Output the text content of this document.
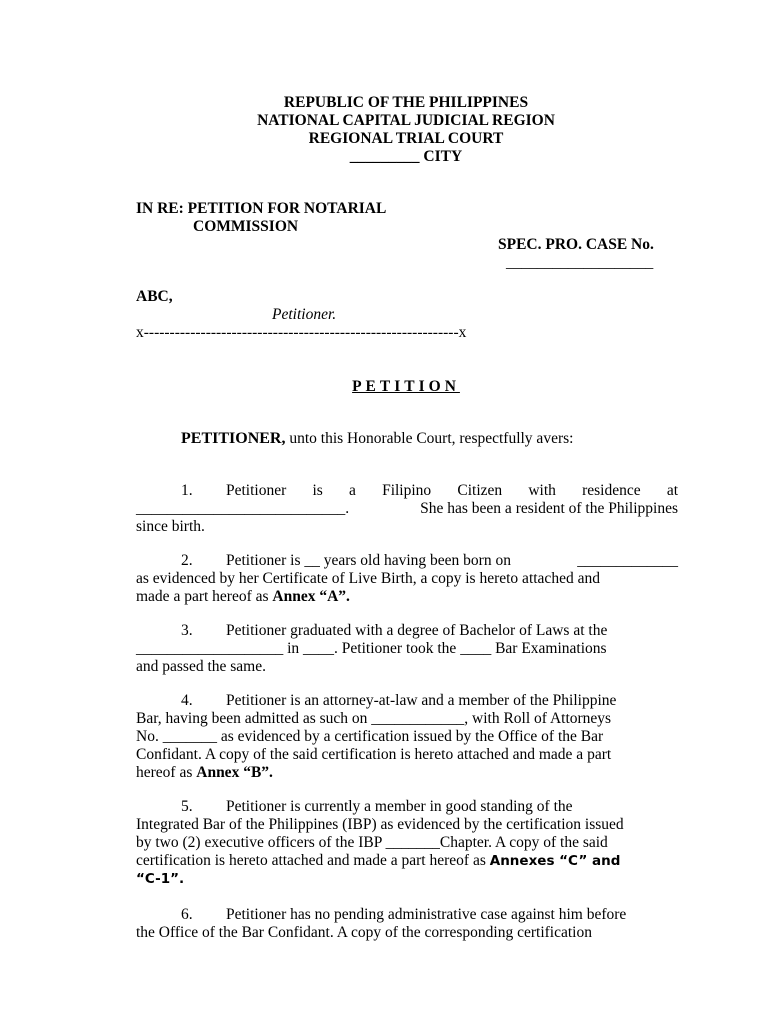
REPUBLIC OF THE PHILIPPINES
NATIONAL CAPITAL JUDICIAL REGION
REGIONAL TRIAL COURT
_________ CITY
IN RE: PETITION FOR NOTARIAL
COMMISSION
SPEC. PRO. CASE No.
___________________
ABC,
Petitioner.
x-------------------------------------------------------------x
PETITION
PETITIONER, unto this Honorable Court, respectfully avers:
1. Petitioner is a Filipino Citizen with residence at
___________________________.	She has been a resident of the Philippines
since birth.
2. Petitioner is __ years old having been born on	_____________
as evidenced by her Certificate of Live Birth, a copy is hereto attached and
made a part hereof as Annex “A”.
3. Petitioner graduated with a degree of Bachelor of Laws at the
___________________ in ____. Petitioner took the ____ Bar Examinations
and passed the same.
4. Petitioner is an attorney-at-law and a member of the Philippine
Bar, having been admitted as such on ____________, with Roll of Attorneys
No. _______ as evidenced by a certification issued by the Office of the Bar
Confidant. A copy of the said certification is hereto attached and made a part
hereof as Annex “B”.
5. Petitioner is currently a member in good standing of the
Integrated Bar of the Philippines (IBP) as evidenced by the certification issued
by two (2) executive officers of the IBP _______Chapter. A copy of the said
certification is hereto attached and made a part hereof as Annexes “C” and
“C-1”.
6. Petitioner has no pending administrative case against him before
the Office of the Bar Confidant. A copy of the corresponding certification
